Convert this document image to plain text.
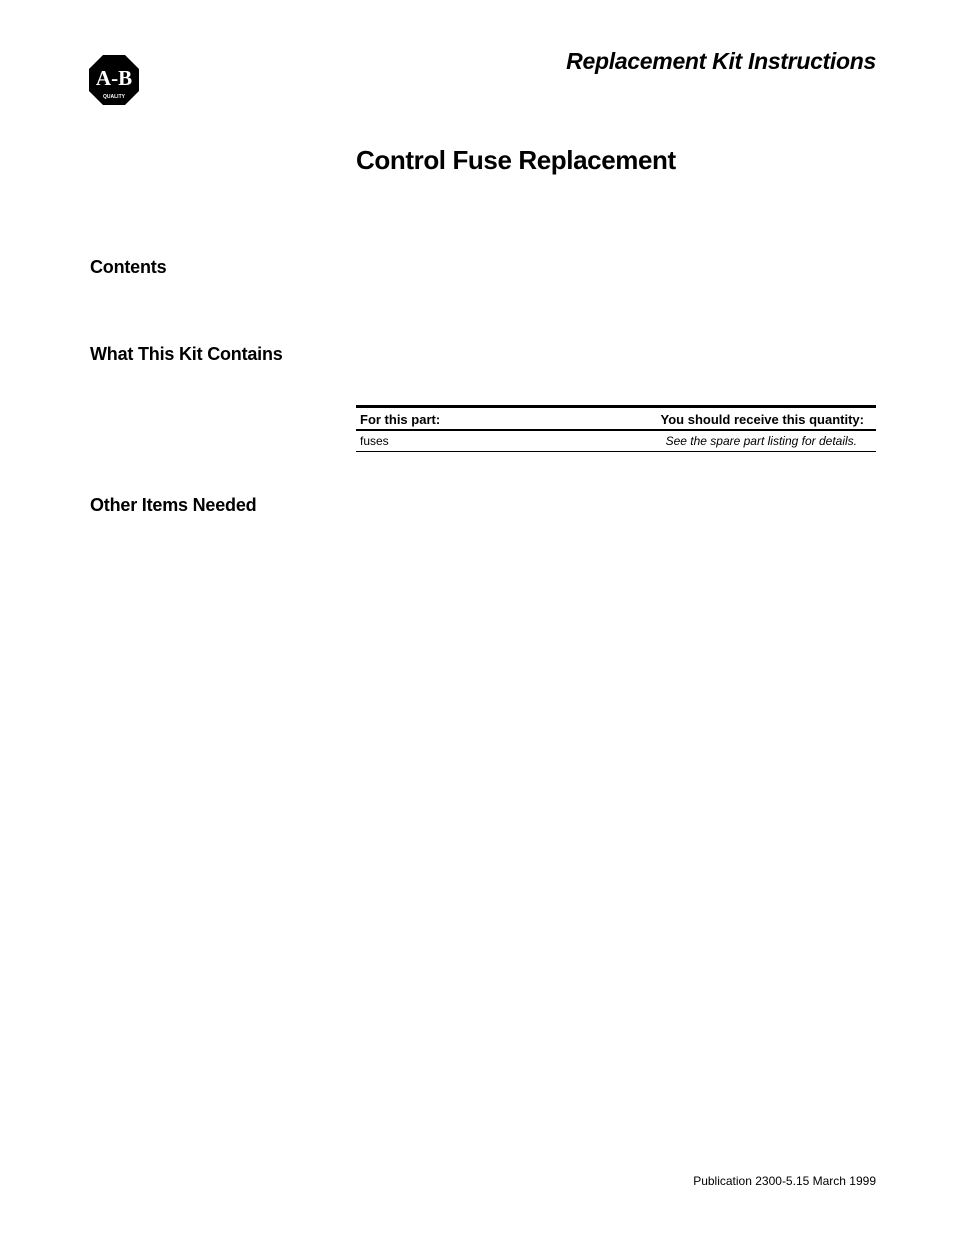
A-B
QUALITY
Replacement Kit Instructions
Control Fuse Replacement
Contents
What This Kit Contains
For this part:	You should receive this quantity:
fuses	See the spare part listing for details.
Other Items Needed
Publication 2300-5.15 March 1999
